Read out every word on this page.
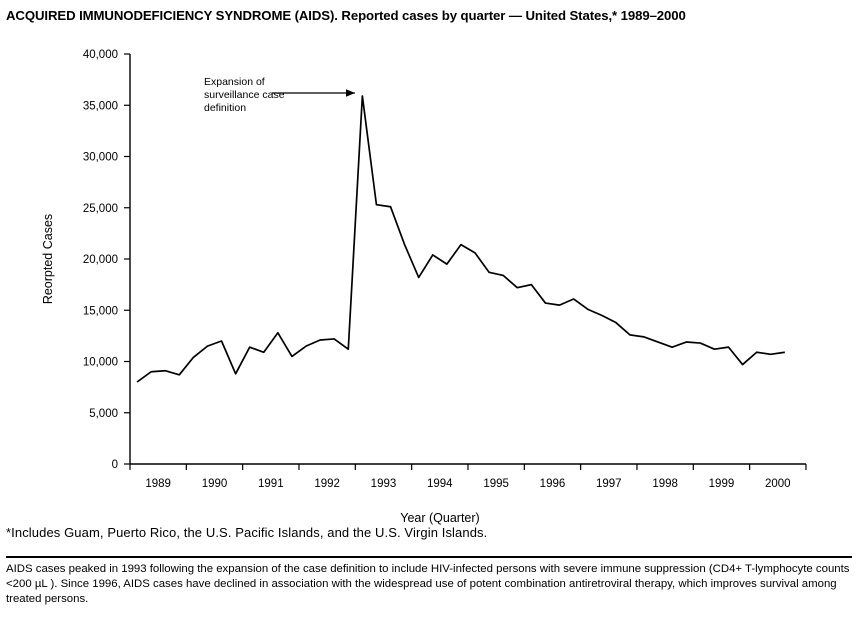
ACQUIRED IMMUNODEFICIENCY SYNDROME (AIDS). Reported cases by quarter — United States,* 1989–2000
0
5,000
10,000
15,000
20,000
25,000
30,000
35,000
40,000
1989	1990	1991	1992	1993	1994	1995	1996	1997	1998	1999	2000
Year (Quarter)
Reorpted Cases
Expansion of
surveillance case
definition
*Includes Guam, Puerto Rico, the U.S. Pacific Islands, and the U.S. Virgin Islands.
AIDS cases peaked in 1993 following the expansion of the case definition to include HIV-infected persons with severe immune suppression (CD4+ T-lymphocyte counts <200 µL ). Since 1996, AIDS cases have declined in association with the widespread use of potent combination antiretroviral therapy, which improves survival among treated persons.
